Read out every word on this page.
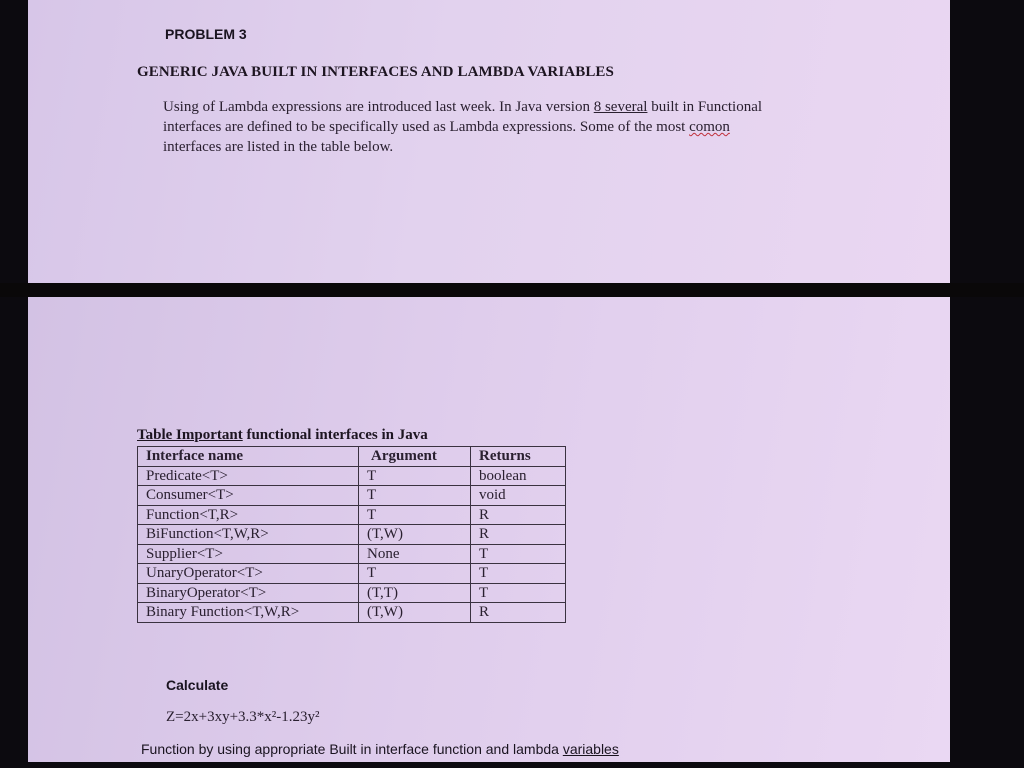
PROBLEM 3
GENERIC JAVA BUILT IN INTERFACES AND LAMBDA VARIABLES
Using of Lambda expressions are introduced last week. In Java version 8 several built in Functional
interfaces are defined to be specifically used as Lambda expressions. Some of the most comon
interfaces are listed in the table below.
Table Important functional interfaces in Java
Interface name	Argument	Returns
Predicate<T>	T	boolean
Consumer<T>	T	void
Function<T,R>	T	R
BiFunction<T,W,R>	(T,W)	R
Supplier<T>	None	T
UnaryOperator<T>	T	T
BinaryOperator<T>	(T,T)	T
Binary Function<T,W,R>	(T,W)	R
Calculate
Z=2x+3xy+3.3*x²-1.23y²
Function by using appropriate Built in interface function and lambda variables
